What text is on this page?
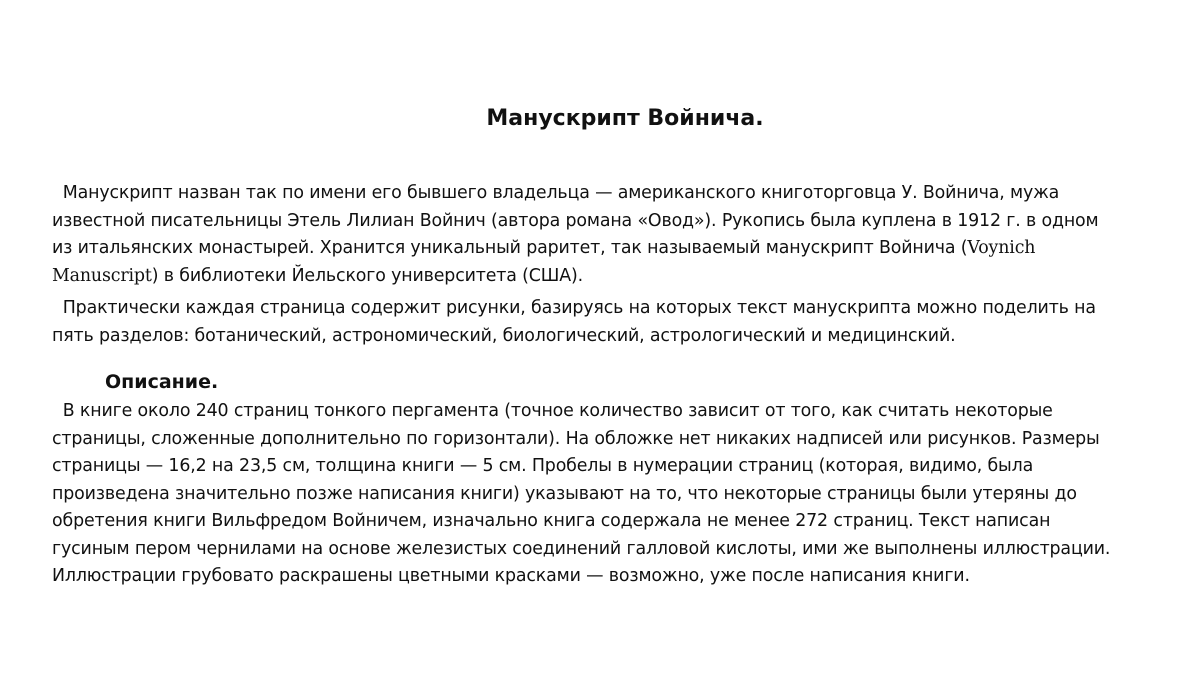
Манускрипт Войнича.
Манускрипт назван так по имени его бывшего владельца — американского книготорговца У. Войнича, мужа
известной писательницы Этель Лилиан Войнич (автора романа «Овод»). Рукопись была куплена в 1912 г. в одном
из итальянских монастырей. Хранится уникальный раритет, так называемый манускрипт Войнича (Voynich
Manuscript) в библиотеки Йельского университета (США).
Практически каждая страница содержит рисунки, базируясь на которых текст манускрипта можно поделить на
пять разделов: ботанический, астрономический, биологический, астрологический и медицинский.
Описание.
В книге около 240 страниц тонкого пергамента (точное количество зависит от того, как считать некоторые
страницы, сложенные дополнительно по горизонтали). На обложке нет никаких надписей или рисунков. Размеры
страницы — 16,2 на 23,5 см, толщина книги — 5 см. Пробелы в нумерации страниц (которая, видимо, была
произведена значительно позже написания книги) указывают на то, что некоторые страницы были утеряны до
обретения книги Вильфредом Войничем, изначально книга содержала не менее 272 страниц. Текст написан
гусиным пером чернилами на основе железистых соединений галловой кислоты, ими же выполнены иллюстрации.
Иллюстрации грубовато раскрашены цветными красками — возможно, уже после написания книги.
